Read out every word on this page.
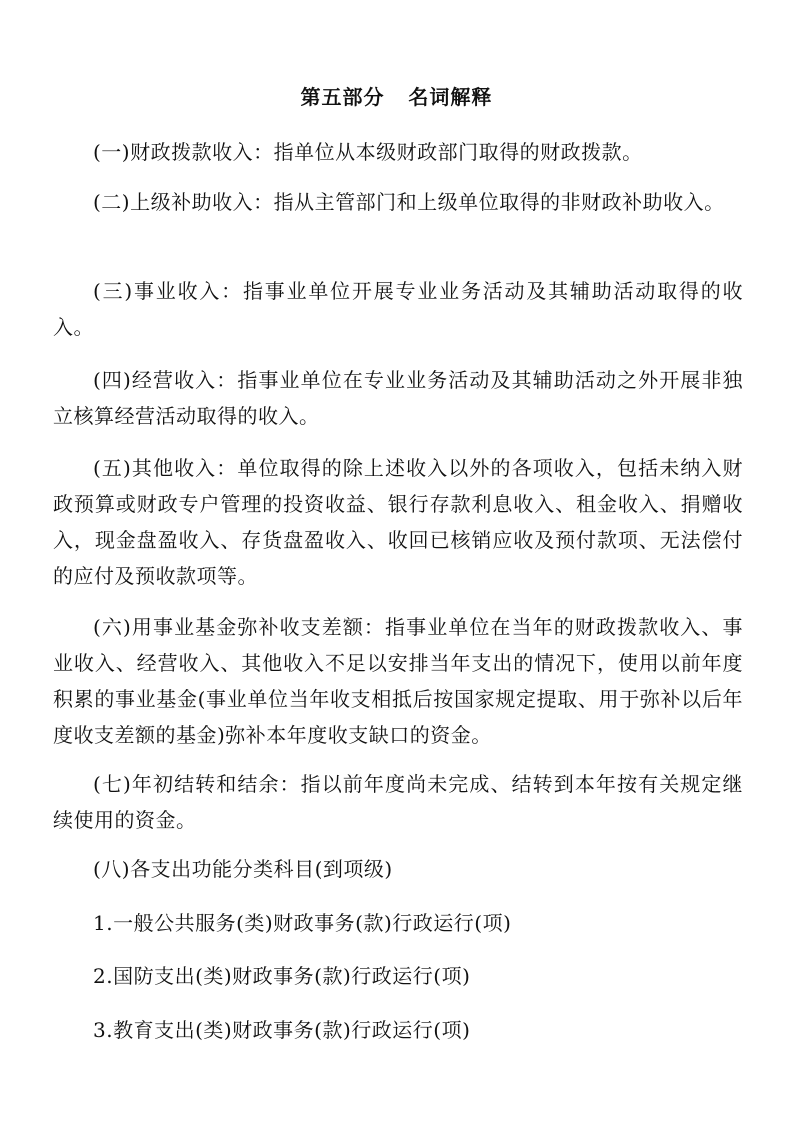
第五部分   名词解释

(一)财政拨款收入：指单位从本级财政部门取得的财政拨款。

(二)上级补助收入：指从主管部门和上级单位取得的非财政补助收入。

(三)事业收入：指事业单位开展专业业务活动及其辅助活动取得的收入。

(四)经营收入：指事业单位在专业业务活动及其辅助活动之外开展非独立核算经营活动取得的收入。

(五)其他收入：单位取得的除上述收入以外的各项收入，包括未纳入财政预算或财政专户管理的投资收益、银行存款利息收入、租金收入、捐赠收入，现金盘盈收入、存货盘盈收入、收回已核销应收及预付款项、无法偿付的应付及预收款项等。

(六)用事业基金弥补收支差额：指事业单位在当年的财政拨款收入、事业收入、经营收入、其他收入不足以安排当年支出的情况下，使用以前年度积累的事业基金(事业单位当年收支相抵后按国家规定提取、用于弥补以后年度收支差额的基金)弥补本年度收支缺口的资金。

(七)年初结转和结余：指以前年度尚未完成、结转到本年按有关规定继续使用的资金。

(八)各支出功能分类科目(到项级)

1.一般公共服务(类)财政事务(款)行政运行(项)

2.国防支出(类)财政事务(款)行政运行(项)

3.教育支出(类)财政事务(款)行政运行(项)
